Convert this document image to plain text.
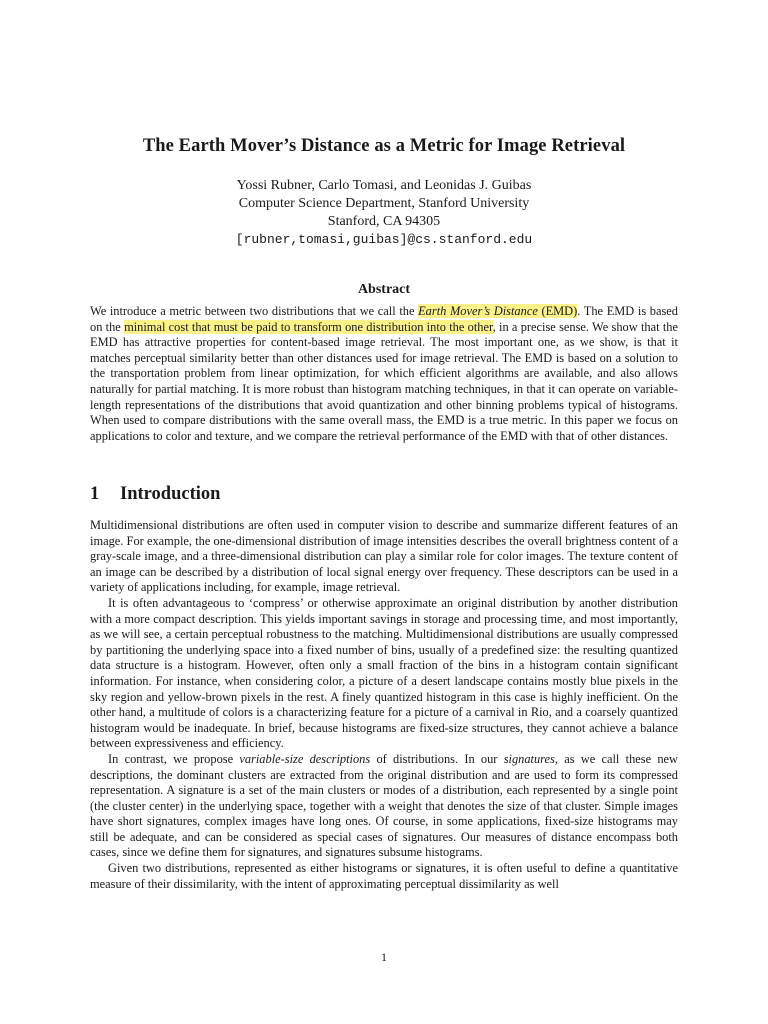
The Earth Mover’s Distance as a Metric for Image Retrieval
Yossi Rubner, Carlo Tomasi, and Leonidas J. Guibas
Computer Science Department, Stanford University
Stanford, CA 94305
[rubner,tomasi,guibas]@cs.stanford.edu
Abstract
We introduce a metric between two distributions that we call the Earth Mover’s Distance (EMD). The EMD is based on the minimal cost that must be paid to transform one distribution into the other, in a precise sense. We show that the EMD has attractive properties for content-based image retrieval. The most important one, as we show, is that it matches perceptual similarity better than other distances used for image retrieval. The EMD is based on a solution to the transportation problem from linear optimization, for which efficient algorithms are available, and also allows naturally for partial matching. It is more robust than histogram matching techniques, in that it can operate on variable-length representations of the distributions that avoid quantization and other binning problems typical of histograms. When used to compare distributions with the same overall mass, the EMD is a true metric. In this paper we focus on applications to color and texture, and we compare the retrieval performance of the EMD with that of other distances.
1 Introduction

Multidimensional distributions are often used in computer vision to describe and summarize different features of an image. For example, the one-dimensional distribution of image intensities describes the overall brightness content of a gray-scale image, and a three-dimensional distribution can play a similar role for color images. The texture content of an image can be described by a distribution of local signal energy over frequency. These descriptors can be used in a variety of applications including, for example, image retrieval.

It is often advantageous to ‘compress’ or otherwise approximate an original distribution by another distribution with a more compact description. This yields important savings in storage and processing time, and most importantly, as we will see, a certain perceptual robustness to the matching. Multidimensional distributions are usually compressed by partitioning the underlying space into a fixed number of bins, usually of a predefined size: the resulting quantized data structure is a histogram. However, often only a small fraction of the bins in a histogram contain significant information. For instance, when considering color, a picture of a desert landscape contains mostly blue pixels in the sky region and yellow-brown pixels in the rest. A finely quantized histogram in this case is highly inefficient. On the other hand, a multitude of colors is a characterizing feature for a picture of a carnival in Rio, and a coarsely quantized histogram would be inadequate. In brief, because histograms are fixed-size structures, they cannot achieve a balance between expressiveness and efficiency.

In contrast, we propose variable-size descriptions of distributions. In our signatures, as we call these new descriptions, the dominant clusters are extracted from the original distribution and are used to form its compressed representation. A signature is a set of the main clusters or modes of a distribution, each represented by a single point (the cluster center) in the underlying space, together with a weight that denotes the size of that cluster. Simple images have short signatures, complex images have long ones. Of course, in some applications, fixed-size histograms may still be adequate, and can be considered as special cases of signatures. Our measures of distance encompass both cases, since we define them for signatures, and signatures subsume histograms.

Given two distributions, represented as either histograms or signatures, it is often useful to define a quantitative measure of their dissimilarity, with the intent of approximating perceptual dissimilarity as well

1
